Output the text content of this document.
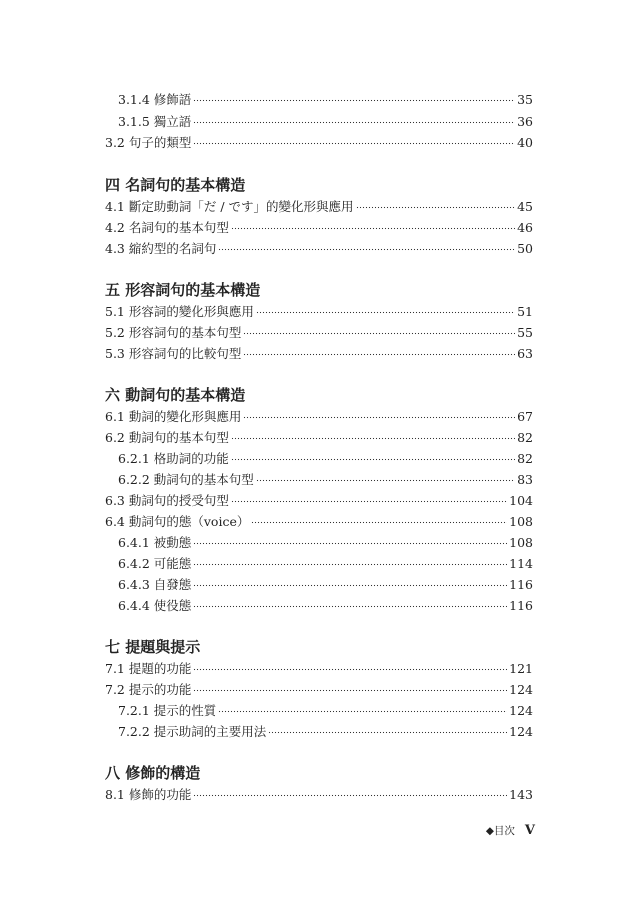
3.1.4 修飾語	35
3.1.5 獨立語	36
3.2 句子的類型	40
四 名詞句的基本構造
4.1 斷定助動詞「だ / です」的變化形與應用	45
4.2 名詞句的基本句型	46
4.3 縮約型的名詞句	50
五 形容詞句的基本構造
5.1 形容詞的變化形與應用	51
5.2 形容詞句的基本句型	55
5.3 形容詞句的比較句型	63
六 動詞句的基本構造
6.1 動詞的變化形與應用	67
6.2 動詞句的基本句型	82
6.2.1 格助詞的功能	82
6.2.2 動詞句的基本句型	83
6.3 動詞句的授受句型	104
6.4 動詞句的態（voice）	108
6.4.1 被動態	108
6.4.2 可能態	114
6.4.3 自發態	116
6.4.4 使役態	116
七 提題與提示
7.1 提題的功能	121
7.2 提示的功能	124
7.2.1 提示的性質	124
7.2.2 提示助詞的主要用法	124
八 修飾的構造
8.1 修飾的功能	143
◆目次 V
